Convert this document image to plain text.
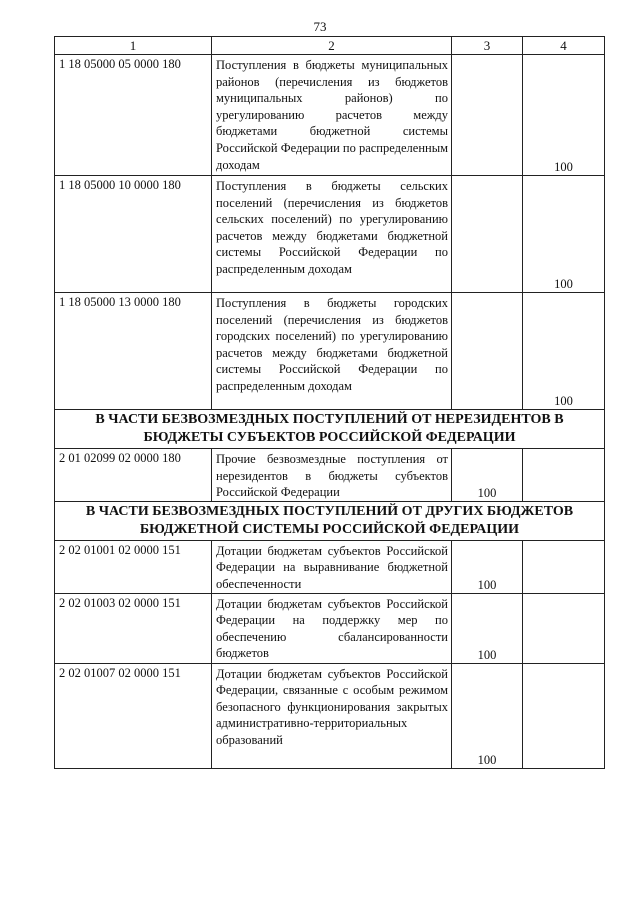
73
1	2	3	4
1 18 05000 05 0000 180	Поступления в бюджеты муниципальных районов (перечисления из бюджетов муниципальных районов) по урегулированию расчетов между бюджетами бюджетной системы Российской Федерации по распределенным доходам		100
1 18 05000 10 0000 180	Поступления в бюджеты сельских поселений (перечисления из бюджетов сельских поселений) по урегулированию расчетов между бюджетами бюджетной системы Российской Федерации по распределенным доходам		100
1 18 05000 13 0000 180	Поступления в бюджеты городских поселений (перечисления из бюджетов городских поселений) по урегулированию расчетов между бюджетами бюджетной системы Российской Федерации по распределенным доходам		100
В ЧАСТИ БЕЗВОЗМЕЗДНЫХ ПОСТУПЛЕНИЙ ОТ НЕРЕЗИДЕНТОВ В БЮДЖЕТЫ СУБЪЕКТОВ РОССИЙСКОЙ ФЕДЕРАЦИИ			
2 01 02099 02 0000 180	Прочие безвозмездные поступления от нерезидентов в бюджеты субъектов Российской Федерации	100	
В ЧАСТИ БЕЗВОЗМЕЗДНЫХ ПОСТУПЛЕНИЙ ОТ ДРУГИХ БЮДЖЕТОВ БЮДЖЕТНОЙ СИСТЕМЫ РОССИЙСКОЙ ФЕДЕРАЦИИ			
2 02 01001 02 0000 151	Дотации бюджетам субъектов Российской Федерации на выравнивание бюджетной обеспеченности	100	
2 02 01003 02 0000 151	Дотации бюджетам субъектов Российской Федерации на поддержку мер по обеспечению сбалансированности бюджетов	100	
2 02 01007 02 0000 151	Дотации бюджетам субъектов Российской Федерации, связанные с особым режимом безопасного функционирования закрытых административно-территориальных образований	100	
